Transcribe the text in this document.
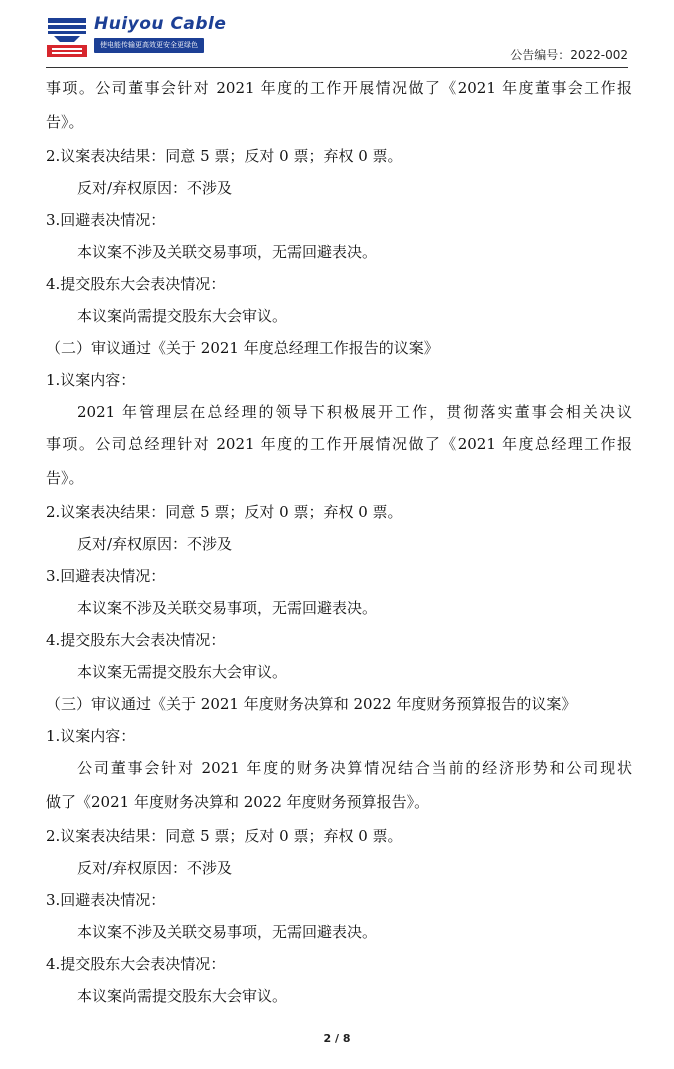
Huiyou Cable
使电能传输更高效更安全更绿色
公告编号：2022-002
事项。公司董事会针对 2021 年度的工作开展情况做了《2021 年度董事会工作报
告》。
2.议案表决结果：同意 5 票；反对 0 票；弃权 0 票。
反对/弃权原因：不涉及
3.回避表决情况：
本议案不涉及关联交易事项，无需回避表决。
4.提交股东大会表决情况：
本议案尚需提交股东大会审议。
（二）审议通过《关于 2021 年度总经理工作报告的议案》
1.议案内容：
2021 年管理层在总经理的领导下积极展开工作，贯彻落实董事会相关决议
事项。公司总经理针对 2021 年度的工作开展情况做了《2021 年度总经理工作报
告》。
2.议案表决结果：同意 5 票；反对 0 票；弃权 0 票。
反对/弃权原因：不涉及
3.回避表决情况：
本议案不涉及关联交易事项，无需回避表决。
4.提交股东大会表决情况：
本议案无需提交股东大会审议。
（三）审议通过《关于 2021 年度财务决算和 2022 年度财务预算报告的议案》
1.议案内容：
公司董事会针对 2021 年度的财务决算情况结合当前的经济形势和公司现状
做了《2021 年度财务决算和 2022 年度财务预算报告》。
2.议案表决结果：同意 5 票；反对 0 票；弃权 0 票。
反对/弃权原因：不涉及
3.回避表决情况：
本议案不涉及关联交易事项，无需回避表决。
4.提交股东大会表决情况：
本议案尚需提交股东大会审议。
2 / 8
